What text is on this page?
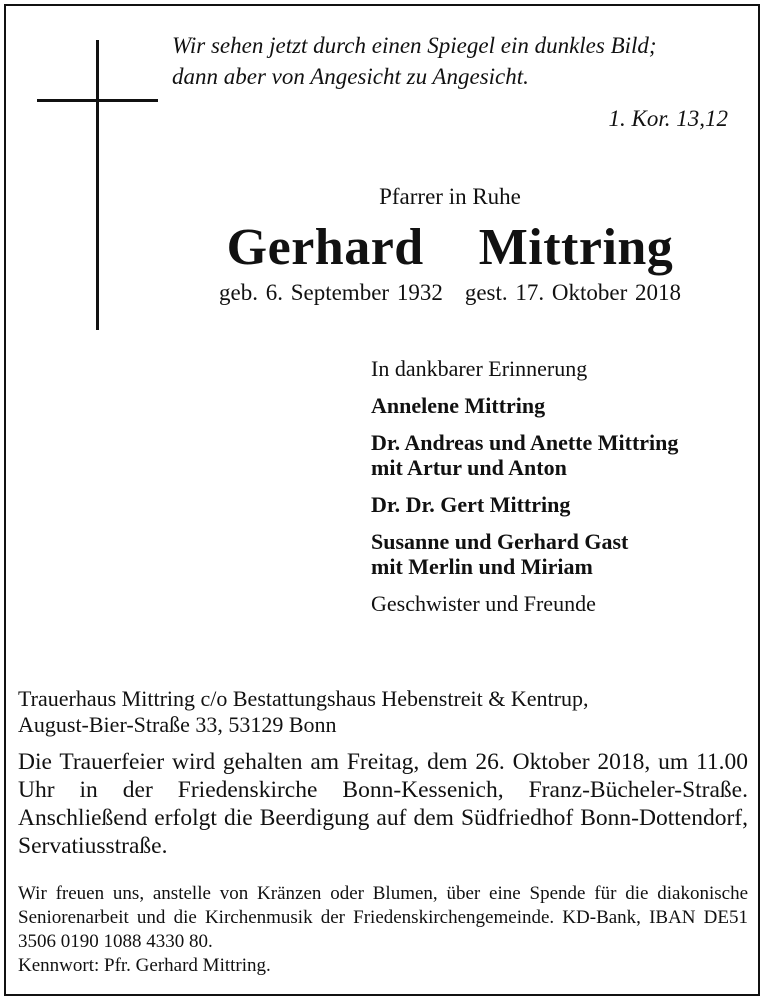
Wir sehen jetzt durch einen Spiegel ein dunkles Bild;
dann aber von Angesicht zu Angesicht.
1. Kor. 13,12
Pfarrer in Ruhe
Gerhard  Mittring
geb. 6. September 1932 gest. 17. Oktober 2018
In dankbarer Erinnerung
Annelene Mittring
Dr. Andreas und Anette Mittring
mit Artur und Anton
Dr. Dr. Gert Mittring
Susanne und Gerhard Gast
mit Merlin und Miriam
Geschwister und Freunde
Trauerhaus Mittring c/o Bestattungshaus Hebenstreit & Kentrup,
August-Bier-Straße 33, 53129 Bonn
Die Trauerfeier wird gehalten am Freitag, dem 26. Oktober 2018, um 11.00 Uhr in der Friedenskirche Bonn-Kessenich, Franz-Bücheler-Straße. Anschließend erfolgt die Beerdigung auf dem Südfriedhof Bonn-Dottendorf, Servatiusstraße.
Wir freuen uns, anstelle von Kränzen oder Blumen, über eine Spende für die diakonische Seniorenarbeit und die Kirchenmusik der Friedenskirchengemeinde. KD-Bank, IBAN DE51 3506 0190 1088 4330 80.
Kennwort: Pfr. Gerhard Mittring.
